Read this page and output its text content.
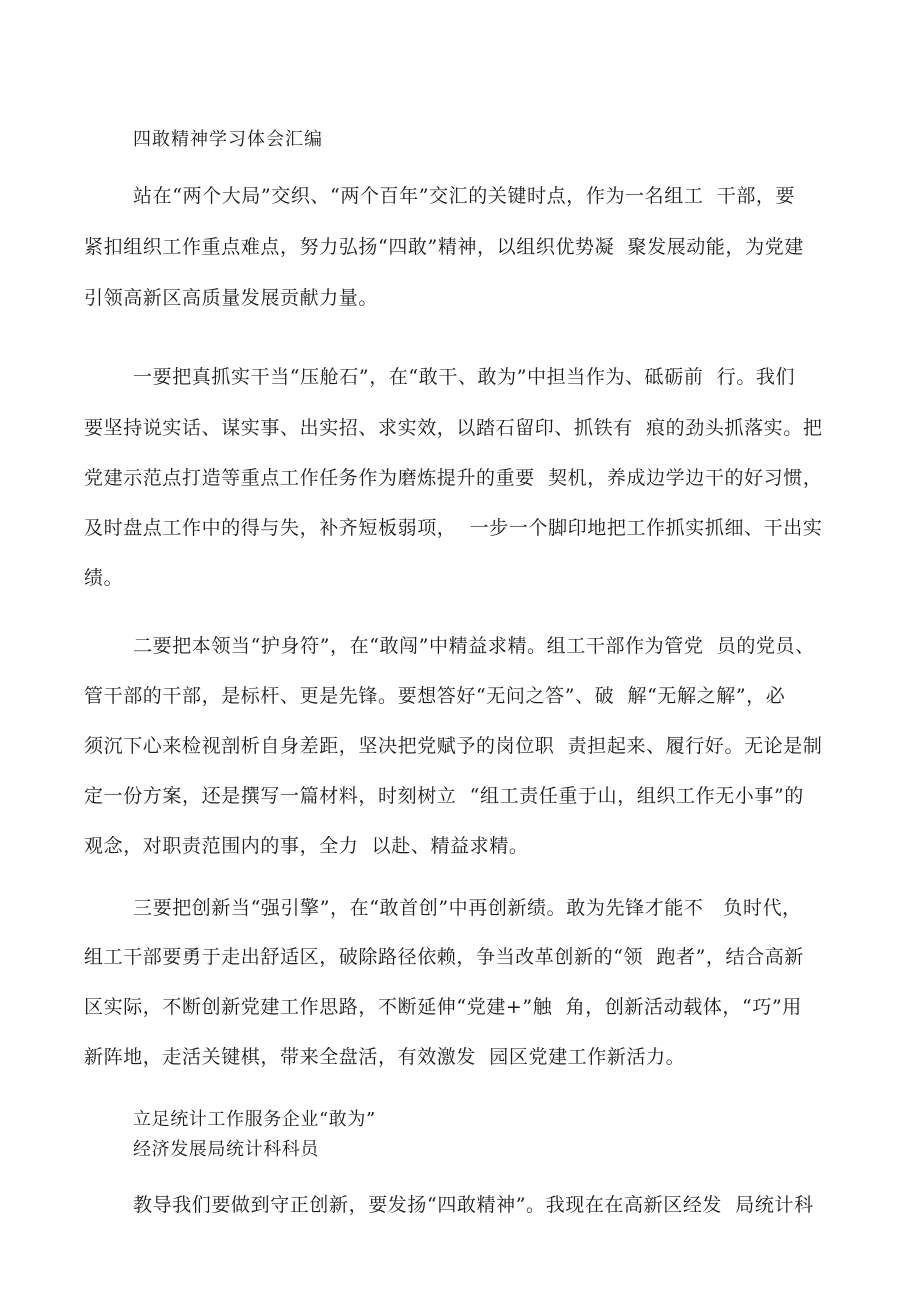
四敢精神学习体会汇编
站在“两个大局”交织、“两个百年”交汇的关键时点，作为一名组工  干部，要
紧扣组织工作重点难点，努力弘扬“四敢”精神，以组织优势凝  聚发展动能，为党建
引领高新区高质量发展贡献力量。
一要把真抓实干当“压舱石”，在“敢干、敢为”中担当作为、砥砺前  行。我们
要坚持说实话、谋实事、出实招、求实效，以踏石留印、抓铁有  痕的劲头抓落实。把
党建示范点打造等重点工作任务作为磨炼提升的重要  契机，养成边学边干的好习惯，
及时盘点工作中的得与失，补齐短板弱项，  一步一个脚印地把工作抓实抓细、干出实
绩。
二要把本领当“护身符”，在“敢闯”中精益求精。组工干部作为管党  员的党员、
管干部的干部，是标杆、更是先锋。要想答好“无问之答”、破  解“无解之解”，必
须沉下心来检视剖析自身差距，坚决把党赋予的岗位职  责担起来、履行好。无论是制
定一份方案，还是撰写一篇材料，时刻树立  “组工责任重于山，组织工作无小事”的
观念，对职责范围内的事，全力  以赴、精益求精。
三要把创新当“强引擎”，在“敢首创”中再创新绩。敢为先锋才能不   负时代，
组工干部要勇于走出舒适区，破除路径依赖，争当改革创新的“领  跑者”，结合高新
区实际，不断创新党建工作思路，不断延伸“党建+”触  角，创新活动载体，“巧”用
新阵地，走活关键棋，带来全盘活，有效激发  园区党建工作新活力。
立足统计工作服务企业“敢为”
经济发展局统计科科员
教导我们要做到守正创新，要发扬“四敢精神”。我现在在高新区经发  局统计科
